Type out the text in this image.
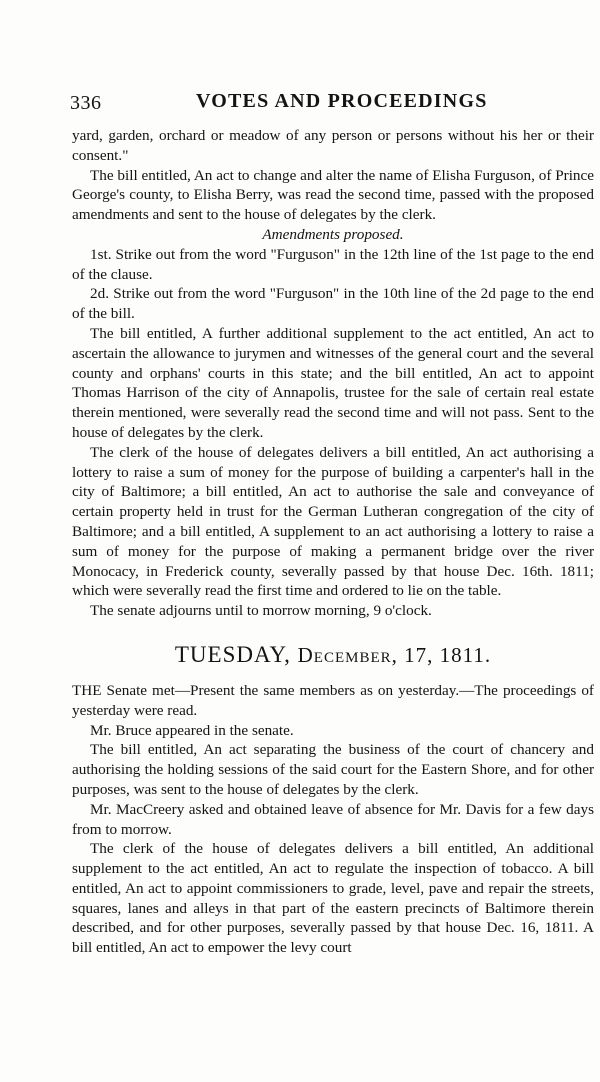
336	VOTES AND PROCEEDINGS

yard, garden, orchard or meadow of any person or persons without his her or their consent."

The bill entitled, An act to change and alter the name of Elisha Furguson, of Prince George's county, to Elisha Berry, was read the second time, passed with the proposed amendments and sent to the house of delegates by the clerk.

Amendments proposed.

1st. Strike out from the word "Furguson" in the 12th line of the 1st page to the end of the clause.

2d. Strike out from the word "Furguson" in the 10th line of the 2d page to the end of the bill.

The bill entitled, A further additional supplement to the act entitled, An act to ascertain the allowance to jurymen and witnesses of the general court and the several county and orphans' courts in this state; and the bill entitled, An act to appoint Thomas Harrison of the city of Annapolis, trustee for the sale of certain real estate therein mentioned, were severally read the second time and will not pass. Sent to the house of delegates by the clerk.

The clerk of the house of delegates delivers a bill entitled, An act authorising a lottery to raise a sum of money for the purpose of building a carpenter's hall in the city of Baltimore; a bill entitled, An act to authorise the sale and conveyance of certain property held in trust for the German Lutheran congregation of the city of Baltimore; and a bill entitled, A supplement to an act authorising a lottery to raise a sum of money for the purpose of making a permanent bridge over the river Monocacy, in Frederick county, severally passed by that house Dec. 16th. 1811; which were severally read the first time and ordered to lie on the table.

The senate adjourns until to morrow morning, 9 o'clock.

TUESDAY, December, 17, 1811.

THE Senate met—Present the same members as on yesterday.—The proceedings of yesterday were read.

Mr. Bruce appeared in the senate.

The bill entitled, An act separating the business of the court of chancery and authorising the holding sessions of the said court for the Eastern Shore, and for other purposes, was sent to the house of delegates by the clerk.

Mr. MacCreery asked and obtained leave of absence for Mr. Davis for a few days from to morrow.

The clerk of the house of delegates delivers a bill entitled, An additional supplement to the act entitled, An act to regulate the inspection of tobacco. A bill entitled, An act to appoint commissioners to grade, level, pave and repair the streets, squares, lanes and alleys in that part of the eastern precincts of Baltimore therein described, and for other purposes, severally passed by that house Dec. 16, 1811. A bill entitled, An act to empower the levy court
